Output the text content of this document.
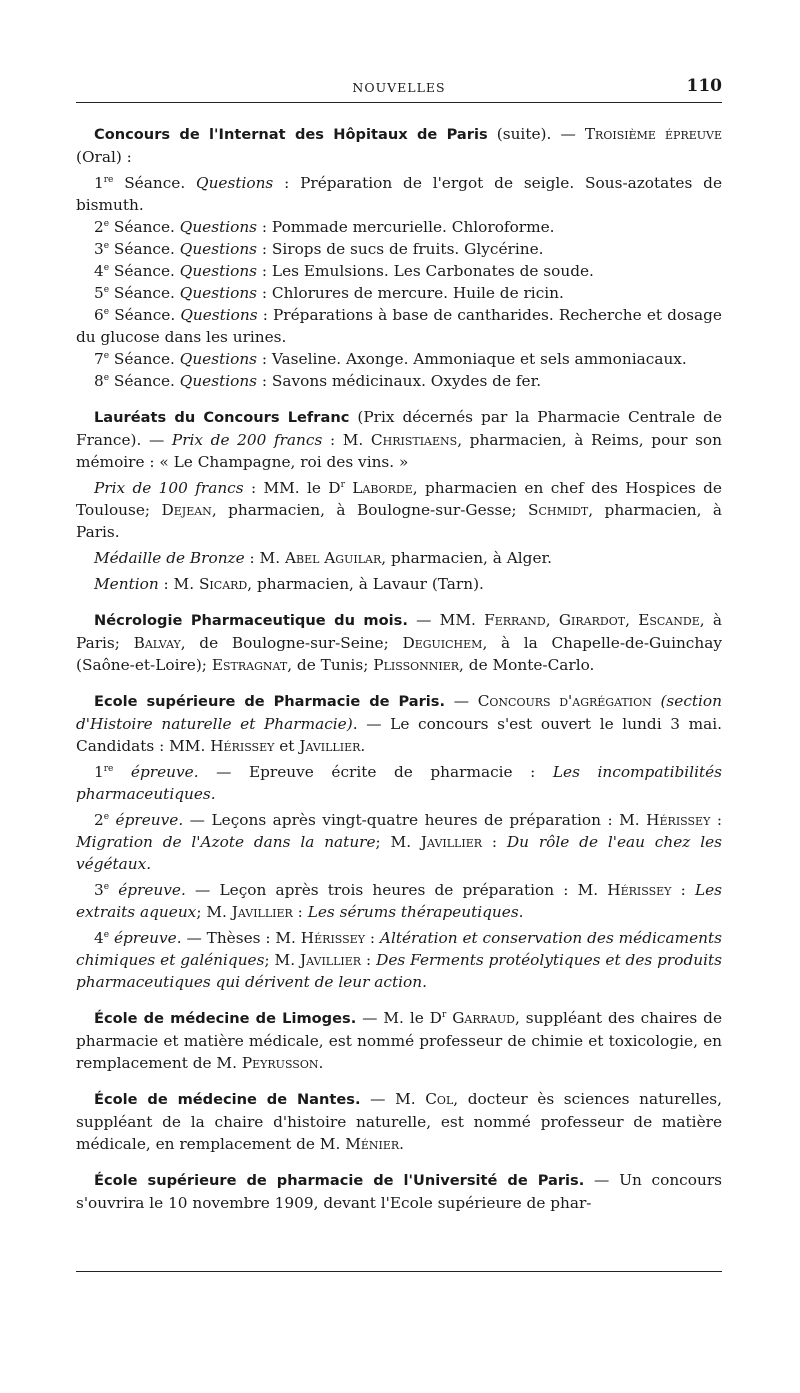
NOUVELLES	110

Concours de l'Internat des Hôpitaux de Paris (suite). — Troisième épreuve (Oral) :

1re Séance. Questions : Préparation de l'ergot de seigle. Sous-azotates de bismuth.

2e Séance. Questions : Pommade mercurielle. Chloroforme.

3e Séance. Questions : Sirops de sucs de fruits. Glycérine.

4e Séance. Questions : Les Emulsions. Les Carbonates de soude.

5e Séance. Questions : Chlorures de mercure. Huile de ricin.

6e Séance. Questions : Préparations à base de cantharides. Recherche et dosage du glucose dans les urines.

7e Séance. Questions : Vaseline. Axonge. Ammoniaque et sels ammoniacaux.

8e Séance. Questions : Savons médicinaux. Oxydes de fer.

Lauréats du Concours Lefranc (Prix décernés par la Pharmacie Centrale de France). — Prix de 200 francs : M. Christiaens, pharmacien, à Reims, pour son mémoire : « Le Champagne, roi des vins. »

Prix de 100 francs : MM. le $D^r$ Laborde, pharmacien en chef des Hospices de Toulouse; Dejean, pharmacien, à Boulogne-sur-Gesse; Schmidt, pharmacien, à Paris.

Médaille de Bronze : M. Abel Aguilar, pharmacien, à Alger.

Mention : M. Sicard, pharmacien, à Lavaur (Tarn).

Nécrologie Pharmaceutique du mois. — MM. Ferrand, Girardot, Escande, à Paris; Balvay, de Boulogne-sur-Seine; Deguichem, à la Chapelle-de-Guinchay (Saône-et-Loire); Estragnat, de Tunis; Plissonnier, de Monte-Carlo.

Ecole supérieure de Pharmacie de Paris. — Concours d'agrégation (section d'Histoire naturelle et Pharmacie). — Le concours s'est ouvert le lundi 3 mai. Candidats : MM. Hérissey et Javillier.

1re épreuve. — Epreuve écrite de pharmacie : Les incompatibilités pharmaceutiques.

2e épreuve. — Leçons après vingt-quatre heures de préparation : M. Hérissey : Migration de l'Azote dans la nature; M. Javillier : Du rôle de l'eau chez les végétaux.

3e épreuve. — Leçon après trois heures de préparation : M. Hérissey : Les extraits aqueux; M. Javillier : Les sérums thérapeutiques.

4e épreuve. — Thèses : M. Hérissey : Altération et conservation des médicaments chimiques et galéniques; M. Javillier : Des Ferments protéolytiques et des produits pharmaceutiques qui dérivent de leur action.

École de médecine de Limoges. — M. le $D^r$ Garraud, suppléant des chaires de pharmacie et matière médicale, est nommé professeur de chimie et toxicologie, en remplacement de M. Peyrusson.

École de médecine de Nantes. — M. Col, docteur ès sciences naturelles, suppléant de la chaire d'histoire naturelle, est nommé professeur de matière médicale, en remplacement de M. Ménier.

École supérieure de pharmacie de l'Université de Paris. — Un concours s'ouvrira le 10 novembre 1909, devant l'Ecole supérieure de phar-
